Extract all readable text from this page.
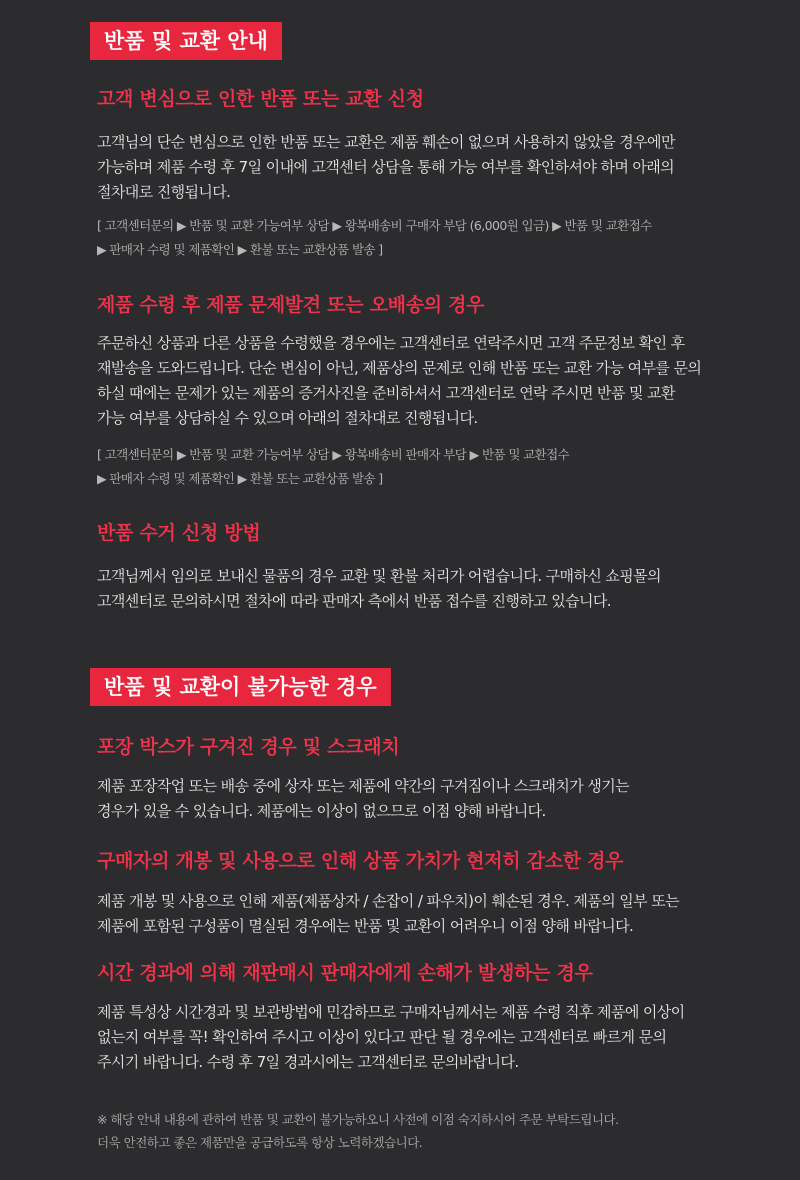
반품 및 교환 안내
고객 변심으로 인한 반품 또는 교환 신청
고객님의 단순 변심으로 인한 반품 또는 교환은 제품 훼손이 없으며 사용하지 않았을 경우에만
가능하며 제품 수령 후 7일 이내에 고객센터 상담을 통해 가능 여부를 확인하셔야 하며 아래의
절차대로 진행됩니다.
[ 고객센터문의 ▶ 반품 및 교환 가능여부 상담 ▶ 왕복배송비 구매자 부담 (6,000원 입금) ▶ 반품 및 교환접수
▶ 판매자 수령 및 제품확인 ▶ 환불 또는 교환상품 발송 ]
제품 수령 후 제품 문제발견 또는 오배송의 경우
주문하신 상품과 다른 상품을 수령했을 경우에는 고객센터로 연락주시면 고객 주문정보 확인 후
재발송을 도와드립니다. 단순 변심이 아닌, 제품상의 문제로 인해 반품 또는 교환 가능 여부를 문의
하실 때에는 문제가 있는 제품의 증거사진을 준비하셔서 고객센터로 연락 주시면 반품 및 교환
가능 여부를 상담하실 수 있으며 아래의 절차대로 진행됩니다.
[ 고객센터문의 ▶ 반품 및 교환 가능여부 상담 ▶ 왕복배송비 판매자 부담 ▶ 반품 및 교환접수
▶ 판매자 수령 및 제품확인 ▶ 환불 또는 교환상품 발송 ]
반품 수거 신청 방법
고객님께서 임의로 보내신 물품의 경우 교환 및 환불 처리가 어렵습니다. 구매하신 쇼핑몰의
고객센터로 문의하시면 절차에 따라 판매자 측에서 반품 접수를 진행하고 있습니다.
반품 및 교환이 불가능한 경우
포장 박스가 구겨진 경우 및 스크래치
제품 포장작업 또는 배송 중에 상자 또는 제품에 약간의 구겨짐이나 스크래치가 생기는
경우가 있을 수 있습니다. 제품에는 이상이 없으므로 이점 양해 바랍니다.
구매자의 개봉 및 사용으로 인해 상품 가치가 현저히 감소한 경우
제품 개봉 및 사용으로 인해 제품(제품상자 / 손잡이 / 파우치)이 훼손된 경우. 제품의 일부 또는
제품에 포함된 구성품이 멸실된 경우에는 반품 및 교환이 어려우니 이점 양해 바랍니다.
시간 경과에 의해 재판매시 판매자에게 손해가 발생하는 경우
제품 특성상 시간경과 및 보관방법에 민감하므로 구매자님께서는 제품 수령 직후 제품에 이상이
없는지 여부를 꼭! 확인하여 주시고 이상이 있다고 판단 될 경우에는 고객센터로 빠르게 문의
주시기 바랍니다. 수령 후 7일 경과시에는 고객센터로 문의바랍니다.
※ 해당 안내 내용에 관하여 반품 및 교환이 불가능하오니 사전에 이점 숙지하시어 주문 부탁드립니다.
더욱 안전하고 좋은 제품만을 공급하도록 항상 노력하겠습니다.
